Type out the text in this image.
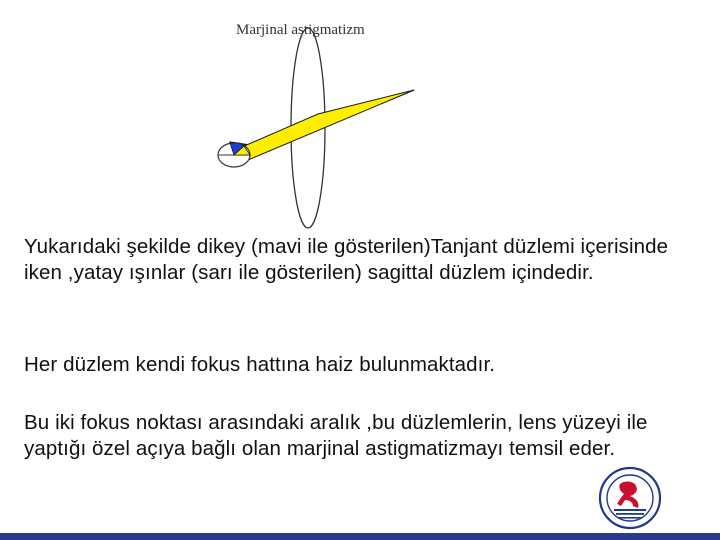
Marjinal astigmatizm
Yukarıdaki şekilde dikey (mavi ile gösterilen)Tanjant düzlemi içerisinde iken ,yatay ışınlar (sarı ile gösterilen) sagittal düzlem içindedir.
Her düzlem kendi fokus hattına haiz bulunmaktadır.
Bu iki fokus noktası arasındaki aralık ,bu düzlemlerin, lens yüzeyi ile yaptığı özel açıya bağlı olan marjinal astigmatizmayı temsil eder.
